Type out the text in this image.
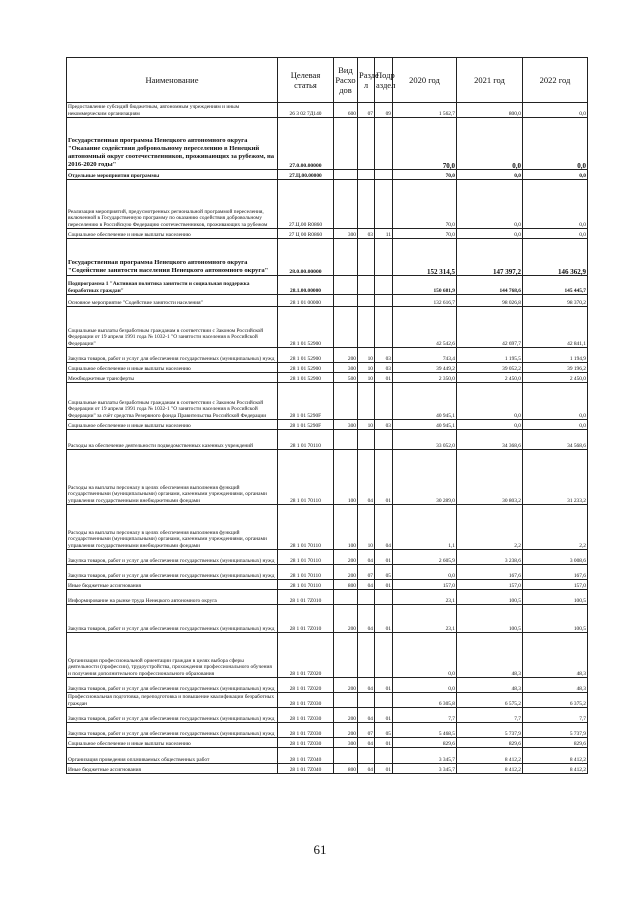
Наименование	Целевая статья	Вид Расхо дов	Разде л	Подр аздел	2020 год	2021 год	2022 год
Предоставление субсидий бюджетным, автономным учреждениям и иным некоммерческим организациям	26 3 02 7Д140	600	07	09	1 562,7	800,0	0,0
Государственная программа Ненецкого автономного округа "Оказание содействия добровольному переселению в Ненецкий автономный округ соотечественников, проживающих за рубежом, на 2016-2020 годы"	27.0.00.00000				70,0	0,0	0,0
Отдельные мероприятия программы	27.Ц.00.00000				70,0	0,0	0,0
Реализация мероприятий, предусмотренных региональной программой переселения, включенной в Государственную программу по оказанию содействия добровольному переселению в Российскую Федерацию соотечественников, проживающих за рубежом	27.Ц.00 R0860				70,0	0,0	0,0
Социальное обеспечение и иные выплаты населению	27 Ц 00 R0860	300	03	11	70,0	0,0	0,0
Государственная программа Ненецкого автономного округа "Содействие занятости населения Ненецкого автономного округа"	28.0.00.00000				152 314,5	147 397,2	146 362,9
Подпрограмма 1 "Активная политика занятости и социальная поддержка безработных граждан"	28.1.00.00000				150 681,9	144 768,6	145 445,7
Основное мероприятие "Содействие занятости населения"	28 1 01 00000				132 616,7	98 026,8	98 370,2
Социальные выплаты безработным гражданам в соответствии с Законом Российской Федерации от 19 апреля 1991 года № 1032-1 "О занятости населения в Российской Федерации"	28 1 01 52900				42 542,6	42 697,7	42 841,1
Закупка товаров, работ и услуг для обеспечения государственных (муниципальных) нужд	28 1 01 52900	200	10	03	743,4	1 195,5	1 194,9
Социальное обеспечение и иные выплаты населению	28 1 01 52900	300	10	03	39 449,2	39 052,2	39 196,2
Межбюджетные трансферты	28 1 01 52900	500	10	01	2 350,0	2 450,0	2 450,0
Социальные выплаты безработным гражданам в соответствии с Законом Российской Федерации от 19 апреля 1991 года № 1032-1 "О занятости населения в Российской Федерации" за счёт средства Резервного фонда Правительства Российской Федерации	28 1 01 5290F				40 945,1	0,0	0,0
Социальное обеспечение и иные выплаты населению	28 1 01 5290F	300	10	03	40 945,1	0,0	0,0
Расходы на обеспечение деятельности подведомственных казенных учреждений	28 1 01 70110				33 052,0	34 368,6	34 568,6
Расходы на выплаты персоналу в целях обеспечения выполнения функций государственными (муниципальными) органами, казенными учреждениями, органами управления государственными внебюджетными фондами	28 1 01 70110	100	04	01	30 289,0	30 803,2	31 233,2
Расходы на выплаты персоналу в целях обеспечения выполнения функций государственными (муниципальными) органами, казенными учреждениями, органами управления государственными внебюджетными фондами	28 1 01 70110	100	10	04	1,1	2,2	2,2
Закупка товаров, работ и услуг для обеспечения государственных (муниципальных) нужд	28 1 01 70110	200	04	01	2 605,9	3 238,6	3 008,6
Закупка товаров, работ и услуг для обеспечения государственных (муниципальных) нужд	28 1 01 70110	200	07	05	0,0	167,6	167,6
Иные бюджетные ассигнования	28 1 01 70110	800	04	01	157,0	157,0	157,0
Информирование на рынке труда Ненецкого автономного округа	28 1 01 7Z010				23,1	100,5	100,5
Закупка товаров, работ и услуг для обеспечения государственных (муниципальных) нужд	28 1 01 7Z010	200	04	01	23,1	100,5	100,5
Организация профессиональной ориентации граждан в целях выбора сферы деятельности (профессии), трудоустройства, прохождения профессионального обучения и получения дополнительного профессионального образования	28 1 01 7Z020				0,0	48,3	48,3
Закупка товаров, работ и услуг для обеспечения государственных (муниципальных) нужд	28 1 01 7Z020	200	04	01	0,0	48,3	48,3
Профессиональная подготовка, переподготовка и повышение квалификации безработных граждан	28 1 01 7Z030				6 305,8	6 575,2	6 375,2
Закупка товаров, работ и услуг для обеспечения государственных (муниципальных) нужд	28 1 01 7Z030	200	04	01	7,7	7,7	7,7
Закупка товаров, работ и услуг для обеспечения государственных (муниципальных) нужд	28 1 01 7Z030	200	07	05	5 468,5	5 737,9	5 737,9
Социальное обеспечение и иные выплаты населению	28 1 01 7Z030	300	04	01	829,6	829,6	829,6
Организация проведения оплачиваемых общественных работ	28 1 01 7Z040				3 345,7	8 412,2	8 412,2
Иные бюджетные ассигнования	28 1 01 7Z040	800	04	01	3 345,7	8 412,2	8 412,2
61
